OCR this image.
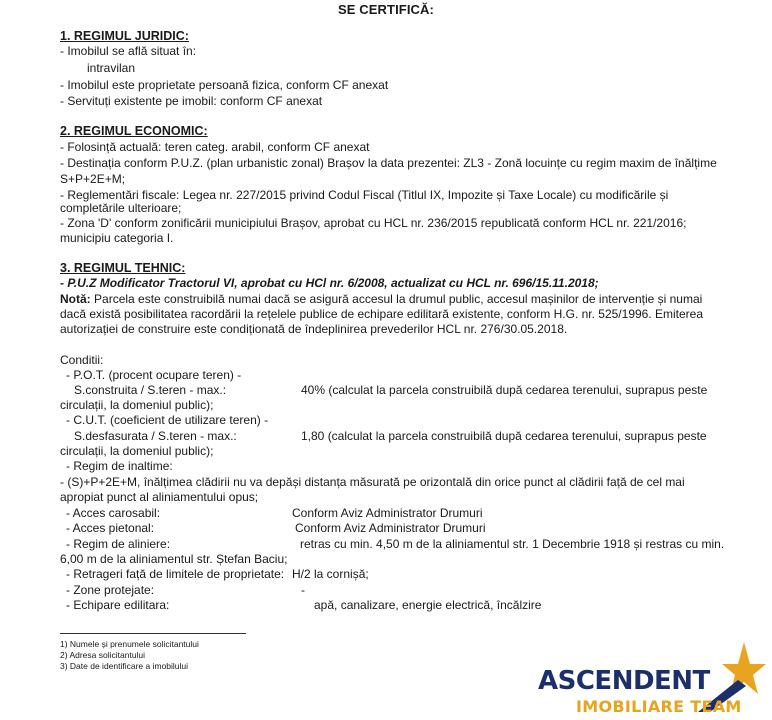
SE CERTIFICĂ:
1. REGIMUL JURIDIC:
- Imobilul se află situat în:
intravilan
- Imobilul este proprietate persoană fizica, conform CF anexat
- Servituți existente pe imobil: conform CF anexat
2. REGIMUL ECONOMIC:
- Folosință actuală: teren categ. arabil, conform CF anexat
- Destinația conform P.U.Z. (plan urbanistic zonal) Brașov la data prezentei: ZL3 - Zonă locuințe cu regim maxim de înălțime
S+P+2E+M;
- Reglementări fiscale: Legea nr. 227/2015 privind Codul Fiscal (Titlul IX, Impozite și Taxe Locale) cu modificările și
completările ulterioare;
- Zona 'D' conform zonificării municipiului Brașov, aprobat cu HCL nr. 236/2015 republicată conform HCL nr. 221/2016;
municipiu categoria I.
3. REGIMUL TEHNIC:
- P.U.Z Modificator Tractorul VI, aprobat cu HCl nr. 6/2008, actualizat cu HCL nr. 696/15.11.2018;
Notă: Parcela este construibilă numai dacă se asigură accesul la drumul public, accesul mașinilor de intervenție și numai
dacă există posibilitatea racordării la rețelele publice de echipare edilitară existente, conform H.G. nr. 525/1996. Emiterea
autorizației de construire este condiționată de îndeplinirea prevederilor HCL nr. 276/30.05.2018.
Conditii:
- P.O.T. (procent ocupare teren) -
S.construita / S.teren - max.:	40% (calculat la parcela construibilă după cedarea terenului, suprapus peste
circulații, la domeniul public);
- C.U.T. (coeficient de utilizare teren) -
S.desfasurata / S.teren - max.:	1,80 (calculat la parcela construibilă după cedarea terenului, suprapus peste
circulații, la domeniul public);
- Regim de inaltime:
- (S)+P+2E+M, înălțimea clădirii nu va depăși distanța măsurată pe orizontală din orice punct al clădirii față de cel mai
apropiat punct al aliniamentului opus;
- Acces carosabil:	Conform Aviz Administrator Drumuri
- Acces pietonal:	Conform Aviz Administrator Drumuri
- Regim de aliniere:	retras cu min. 4,50 m de la aliniamentul str. 1 Decembrie 1918 și restras cu min.
6,00 m de la aliniamentul str. Ștefan Baciu;
- Retrageri față de limitele de proprietate: H/2 la cornișă;
- Zone protejate:	-
- Echipare edilitara:	apă, canalizare, energie electrică, încălzire
1) Numele și prenumele solicitantului
2) Adresa solicitantului
3) Date de identificare a imobilului	ASCENDENT
IMOBILIARE TEAM
